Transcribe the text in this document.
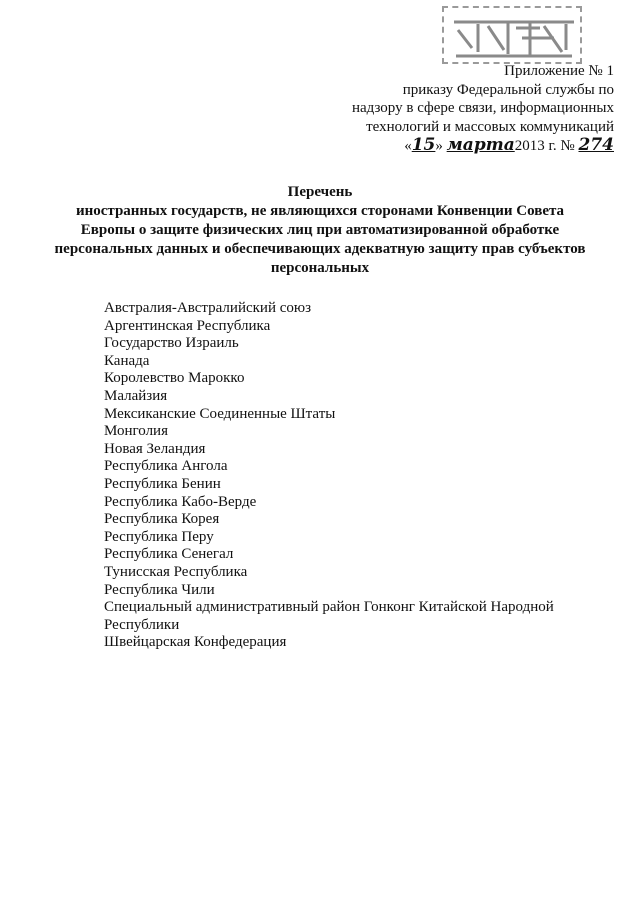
Приложение № 1
приказу Федеральной службы по
надзору в сфере связи, информационных
технологий и массовых коммуникаций
«15» марта2013 г. № 274
Перечень
иностранных государств, не являющихся сторонами Конвенции Совета
Европы о защите физических лиц при автоматизированной обработке
персональных данных и обеспечивающих адекватную защиту прав субъектов
персональных
Австралия-Австралийский союз
Аргентинская Республика
Государство Израиль
Канада
Королевство Марокко
Малайзия
Мексиканские Соединенные Штаты
Монголия
Новая Зеландия
Республика Ангола
Республика Бенин
Республика Кабо-Верде
Республика Корея
Республика Перу
Республика Сенегал
Тунисская Республика
Республика Чили
Специальный административный район Гонконг Китайской Народной Республики
Швейцарская Конфедерация
